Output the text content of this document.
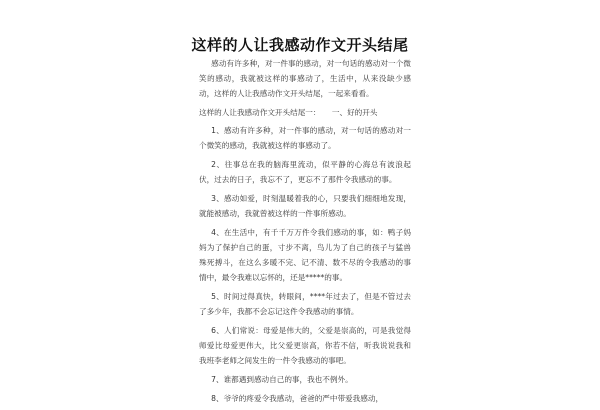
这样的人让我感动作文开头结尾

感动有许多种，对一件事的感动，对一句话的感动对一个微笑的感动，我就被这样的事感动了，生活中，从来没缺少感动，这样的人让我感动作文开头结尾，一起来看看。

这样的人让我感动作文开头结尾一：　　一、好的开头

1、感动有许多种，对一件事的感动，对一句话的感动对一个微笑的感动，我就被这样的事感动了。

2、往事总在我的脑海里流动，似平静的心海总有波浪起伏，过去的日子，我忘不了，更忘不了那件令我感动的事。

3、感动如爱，时刻温暖着我的心，只要我们细细地发现，就能被感动，我就曾被这样的一件事所感动。

4、在生活中，有千千万万件令我们感动的事，如：鸭子妈妈为了保护自己的蛋，寸步不离，鸟儿为了自己的孩子与猛兽殊死搏斗，在这么多暖不完、记不清、数不尽的令我感动的事情中，最令我难以忘怀的，还是*****的事。

5、时间过得真快，转眼间，****年过去了，但是不管过去了多少年，我都不会忘记这件令我感动的事情。

6、人们常说：母爱是伟大的，父爱是崇高的，可是我觉得师爱比母爱更伟大，比父爱更崇高，你若不信，听我说说我和我班李老师之间发生的一件令我感动的事吧。

7、谁都遇到感动自己的事，我也不例外。

8、爷爷的疼爱令我感动，爸爸的严中带爱我感动，
